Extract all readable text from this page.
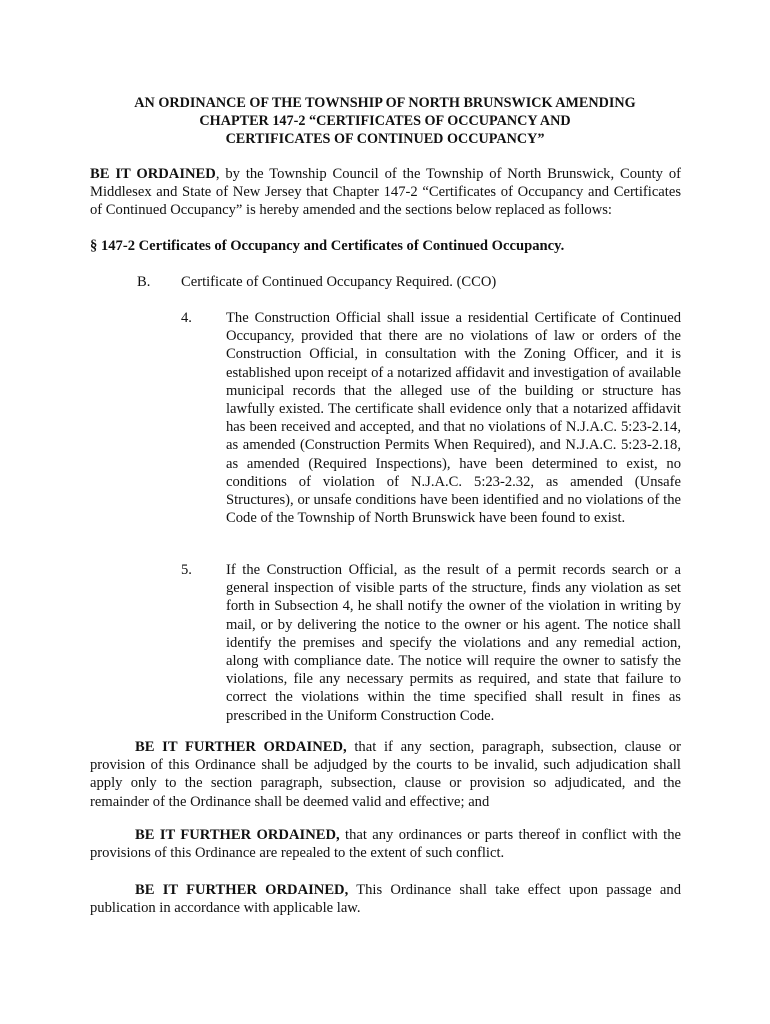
AN ORDINANCE OF THE TOWNSHIP OF NORTH BRUNSWICK AMENDING
CHAPTER 147-2 “CERTIFICATES OF OCCUPANCY AND
CERTIFICATES OF CONTINUED OCCUPANCY”
BE IT ORDAINED, by the Township Council of the Township of North Brunswick, County of Middlesex and State of New Jersey that Chapter 147-2 “Certificates of Occupancy and Certificates of Continued Occupancy” is hereby amended and the sections below replaced as follows:
§ 147-2 Certificates of Occupancy and Certificates of Continued Occupancy.
B. Certificate of Continued Occupancy Required. (CCO)
4. The Construction Official shall issue a residential Certificate of Continued Occupancy, provided that there are no violations of law or orders of the Construction Official, in consultation with the Zoning Officer, and it is established upon receipt of a notarized affidavit and investigation of available municipal records that the alleged use of the building or structure has lawfully existed. The certificate shall evidence only that a notarized affidavit has been received and accepted, and that no violations of N.J.A.C. 5:23-2.14, as amended (Construction Permits When Required), and N.J.A.C. 5:23-2.18, as amended (Required Inspections), have been determined to exist, no conditions of violation of N.J.A.C. 5:23-2.32, as amended (Unsafe Structures), or unsafe conditions have been identified and no violations of the Code of the Township of North Brunswick have been found to exist.
5. If the Construction Official, as the result of a permit records search or a general inspection of visible parts of the structure, finds any violation as set forth in Subsection 4, he shall notify the owner of the violation in writing by mail, or by delivering the notice to the owner or his agent. The notice shall identify the premises and specify the violations and any remedial action, along with compliance date. The notice will require the owner to satisfy the violations, file any necessary permits as required, and state that failure to correct the violations within the time specified shall result in fines as prescribed in the Uniform Construction Code.
BE IT FURTHER ORDAINED, that if any section, paragraph, subsection, clause or provision of this Ordinance shall be adjudged by the courts to be invalid, such adjudication shall apply only to the section paragraph, subsection, clause or provision so adjudicated, and the remainder of the Ordinance shall be deemed valid and effective; and
BE IT FURTHER ORDAINED, that any ordinances or parts thereof in conflict with the provisions of this Ordinance are repealed to the extent of such conflict.
BE IT FURTHER ORDAINED, This Ordinance shall take effect upon passage and publication in accordance with applicable law.
